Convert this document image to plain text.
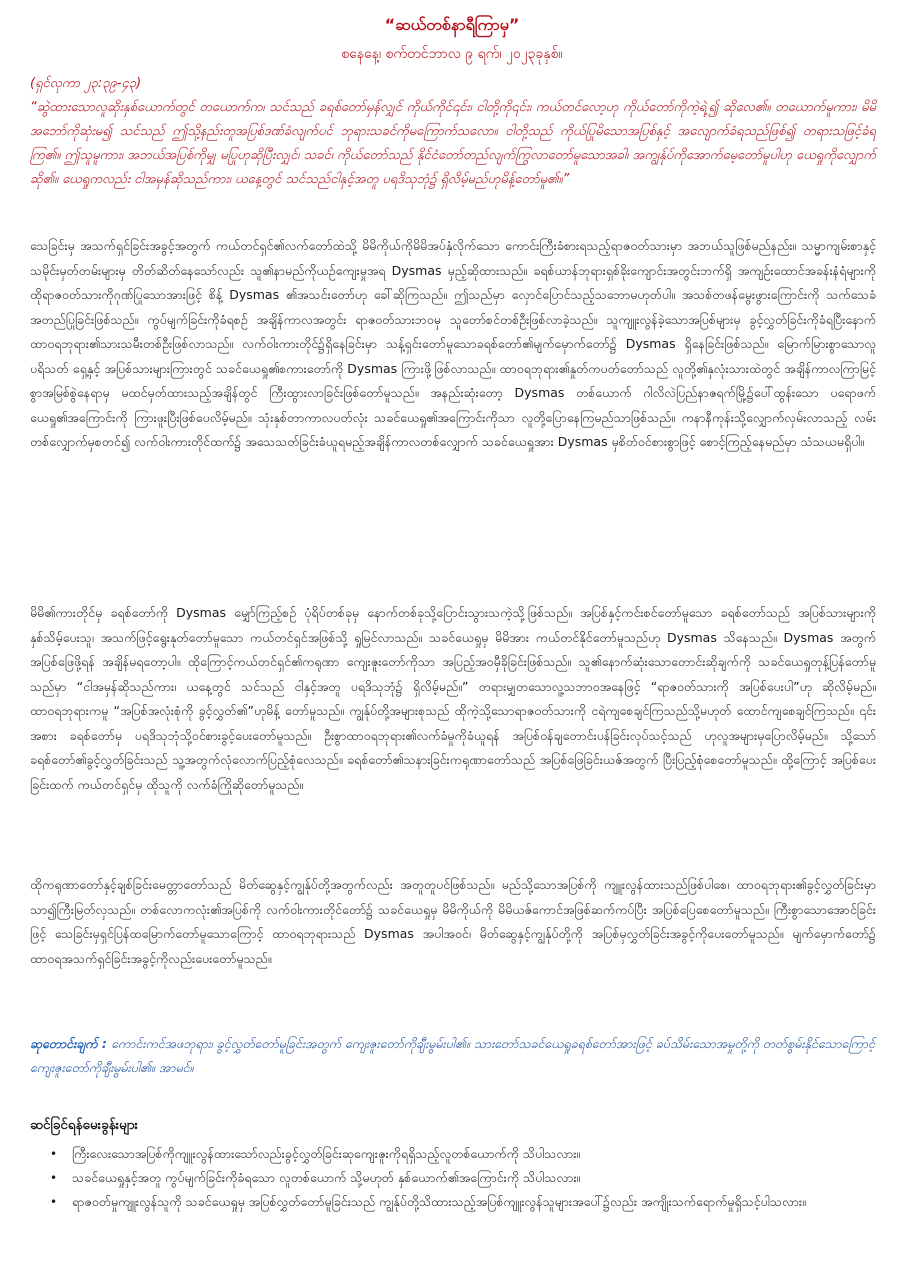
“ဆယ်တစ်နာရီကြာမှ”

စနေနေ့၊ စက်တင်ဘာလ ၉ ရက်၊ ၂၀၂၃ခုနှစ်။

(ရှင်လုကာ ၂၃:၃၉-၄၃)

“ဆွဲထားသောလူဆိုးနှစ်ယောက်တွင် တယောက်က၊ သင်သည် ခရစ်တော်မှန်လျှင် ကိုယ်ကိုင်၎င်း၊ ငါတို့ကို၎င်း၊ ကယ်တင်လော့ဟု ကိုယ်တော်ကိုကဲ့ရဲ့၍ ဆိုလေ၏။ တယောက်မူကား၊ မိမိအဘော်ကိုဆုံးမ၍ သင်သည် ဤသို့နည်းတူအပြစ်ဒဏ်ခံလျက်ပင် ဘုရားသခင်ကိုမကြောက်သလော။ ငါတို့သည် ကိုယ်ပြုမိသောအပြစ်နှင့် အလျောက်ခံရသည်ဖြစ်၍ တရားသဖြင့်ခံရကြ၏။ ဤသူမူကား၊ အဘယ်အပြစ်ကိုမျှ မပြုဟုဆိုပြီးလျှင်၊ သခင်၊ ကိုယ်တော်သည် နိုင်ငံတော်တည်လျက်ကြွလာတော်မူသောအခါ၊ အကျွန်ုပ်ကိုအောက်မေ့တော်မူပါဟု ယေရှုကိုလျှောက်ဆို၏။ ယေရှုကလည်း ငါအမှန်ဆိုသည်ကား၊ ယနေ့တွင် သင်သည်ငါနှင့်အတူ ပရဒိသုဘုံ၌ ရှိလိမ့်မည်ဟုမိန့်တော်မူ၏။”

သေခြင်းမှ အသက်ရှင်ခြင်းအခွင့်အတွက် ကယ်တင်ရှင်၏လက်တော်ထဲသို့ မိမိကိုယ်ကိုမိမိအပ်နှံလိုက်သော ကောင်းကြီးခံစားရသည့်ရာဇဝတ်သားမှာ အဘယ်သူဖြစ်မည်နည်း။ သမ္မာကျမ်းစာနှင့်သမိုင်းမှတ်တမ်းများမှ တိတ်ဆိတ်နေသော်လည်း သူ၏နာမည်ကိုယဉ်ကျေးမှုအရ Dysmas မှည့်ဆိုထားသည်။ ခရစ်ယာန်ဘုရားရှစ်ခိုးကျောင်းအတွင်းဘက်ရှိ အကျဉ်းထောင်အခန်းနံရံများကို ထိုရာဇဝတ်သားကိုဂုဏ်ပြုသောအားဖြင့် စိန့် Dysmas ၏အသင်းတော်ဟု ခေါ်ဆိုကြသည်။ ဤသည်မှာ လှောင်ပြောင်သည့်သဘောမဟုတ်ပါ။ အသစ်တဖန်မွေးဖွားကြောင်းကို သက်သေခံအတည်ပြုခြင်းဖြစ်သည်။ ကွပ်မျက်ခြင်းကိုခံရစဉ် အချိန်ကာလအတွင်း ရာဇဝတ်သားဘဝမှ သူတော်စင်တစ်ဦးဖြစ်လာခဲ့သည်။ သူကျူးလွန်ခဲ့သောအပြစ်များမှ ခွင့်လွှတ်ခြင်းကိုခံရပြီးနောက် ထာဝရဘုရား၏သားသမီးတစ်ဦးဖြစ်လာသည်။ လက်ဝါးကားတိုင်၌ရှိနေခြင်းမှာ သန့်ရှင်းတော်မူသောခရစ်တော်၏မျက်မှောက်တော်၌ Dysmas ရှိနေခြင်းဖြစ်သည်။ မြောက်မြားစွာသောလူပရိသတ် ရှေ့နှင့် အပြစ်သားများကြားတွင် သခင်ယေရှု၏စကားတော်ကို Dysmas ကြားဖို့ဖြစ်လာသည်။ ထာဝရဘုရား၏နှုတ်ကပတ်တော်သည် လူတို့၏နှလုံးသားထဲတွင် အချိန်ကာလကြာမြင့်စွာအမြစ်စွဲနေရာမှ မထင်မှတ်ထားသည့်အချိန်တွင် ကြီးထွားလာခြင်းဖြစ်တော်မူသည်။ အနည်းဆုံးတော့ Dysmas တစ်ယောက် ဂါလိလဲပြည်နာဇရက်မြို့၌ပေါ်ထွန်းသော ပရောဖက်ယေရှု၏အကြောင်းကို ကြားဖူးပြီးဖြစ်ပေလိမ့်မည်။ သုံးနှစ်တာကာလပတ်လုံး သခင်ယေရှု၏အကြောင်းကိုသာ လူတို့ပြောနေကြမည်သာဖြစ်သည်။ ကနာနီကုန်းသို့လျှောက်လှမ်းလာသည့် လမ်းတစ်လျှောက်မှစတင်၍ လက်ဝါးကားတိုင်ထက်၌ အသေသတ်ခြင်းခံယူရမည့်အချိန်ကာလတစ်လျှောက် သခင်ယေရှုအား Dysmas မှစိတ်ဝင်စားစွာဖြင့် စောင့်ကြည့်နေမည်မှာ သံသယမရှိပါ။

မိမိ၏ကားတိုင်မှ ခရစ်တော်ကို Dysmas မျှော်ကြည့်စဉ် ပုံရိပ်တစ်ခုမှ နောက်တစ်ခုသို့ပြောင်းသွားသကဲ့သို့ဖြစ်သည်။ အပြစ်နှင့်ကင်းစင်တော်မူသော ခရစ်တော်သည် အပြစ်သားများကို နှစ်သိမ့်ပေးသူ၊ အသက်ဖြင့်ရွေးနုတ်တော်မူသော ကယ်တင်ရှင်အဖြစ်သို့ ရှုမြင်လာသည်။ သခင်ယေရှုမှ မိမိအား ကယ်တင်နိုင်တော်မူသည်ဟု Dysmas သိနေသည်။ Dysmas အတွက်အပြစ်ဖြေဖို့ရန် အချိန်မရတော့ပါ။ ထိုကြောင့်ကယ်တင်ရှင်၏ကရုဏာ ကျေးဇူးတော်ကိုသာ အပြည့်အဝမှီခိုခြင်းဖြစ်သည်။ သူ၏နောက်ဆုံးသောတောင်းဆိုချက်ကို သခင်ယေရှုတုန့်ပြန်တော်မူသည်မှာ “ငါအမှန်ဆိုသည်ကား၊ ယနေ့တွင် သင်သည် ငါနှင့်အတူ ပရဒိသုဘုံ၌ ရှိလိမ့်မည်။” တရားမျှတသောလူ့သဘာဝအနေဖြင့် “ရာဇဝတ်သားကို အပြစ်ပေးပါ”ဟု ဆိုလိမ့်မည်။ ထာဝရဘုရားကမူ “အပြစ်အလုံးစုံကို ခွင့်လွှတ်၏”ဟုမိန့် တော်မူသည်။ ကျွန်ုပ်တို့အများစုသည် ထိုကဲ့သို့သောရာဇဝတ်သားကို ငရဲကျစေချင်ကြသည်သို့မဟုတ် ထောင်ကျစေချင်ကြသည်။ ၎င်းအစား ခရစ်တော်မှ ပရဒိသုဘုံသို့ဝင်စားခွင့်ပေးတော်မူသည်။ ဦးစွာထာဝရဘုရား၏လက်ခံမှုကိုခံယူရန် အပြစ်ဝန်ချတောင်းပန်ခြင်းလုပ်သင့်သည် ဟုလူအများမှပြောလိမ့်မည်။ သို့သော်ခရစ်တော်၏ခွင့်လွှတ်ခြင်းသည် သူ့အတွက်လုံလောက်ပြည့်စုံလေသည်။ ခရစ်တော်၏သနားခြင်းကရုဏာတော်သည် အပြစ်ဖြေခြင်းယဇ်အတွက် ပြီးပြည့်စုံစေတော်မူသည်။ ထို့ကြောင့် အပြစ်ပေးခြင်းထက် ကယ်တင်ရှင်မှ ထိုသူကို လက်ခံကြိုဆိုတော်မူသည်။

ထိုကရုဏာတော်နှင့်ချစ်ခြင်းမေတ္တာတော်သည် မိတ်ဆွေနှင့်ကျွန်ုပ်တို့အတွက်လည်း အတူတူပင်ဖြစ်သည်။ မည်သို့သောအပြစ်ကို ကျူးလွန်ထားသည်ဖြစ်ပါစေ၊ ထာဝရဘုရား၏ခွင့်လွှတ်ခြင်းမှာ သာ၍ကြီးမြတ်လှသည်။ တစ်လောကလုံး၏အပြစ်ကို လက်ဝါးကားတိုင်တော်၌ သခင်ယေရှုမှ မိမိကိုယ်ကို မိမိယဇ်ကောင်အဖြစ်ဆက်ကပ်ပြီး အပြစ်ပြေစေတော်မူသည်။ ကြီးစွာသောအောင်ခြင်းဖြင့် သေခြင်းမှရှင်ပြန်ထမြောက်တော်မူသောကြောင့် ထာဝရဘုရားသည် Dysmas အပါအဝင်၊ မိတ်ဆွေနှင့်ကျွန်ုပ်တို့ကို အပြစ်မှလွှတ်ခြင်းအခွင့်ကိုပေးတော်မူသည်။ မျက်မှောက်တော်၌ ထာဝရအသက်ရှင်ခြင်းအခွင့်ကိုလည်းပေးတော်မူသည်။

ဆုတောင်းချက် : ကောင်းကင်အဖဘုရား၊ ခွင့်လွှတ်တော်မူခြင်းအတွက် ကျေးဇူးတော်ကိုချီးမွမ်းပါ၏။ သားတော်သခင်ယေရှုခရစ်တော်အားဖြင့် ခပ်သိမ်းသောအမှုတို့ကို တတ်စွမ်းနိုင်သောကြောင့် ကျေးဇူးတော်ကိုချီးမွမ်းပါ၏။ အာမင်။

ဆင်ခြင်ရန်မေးခွန်းများ
• ကြီးလေးသောအပြစ်ကိုကျူးလွန်ထားသော်လည်းခွင့်လွှတ်ခြင်းဆုကျေးဇူးကိုရရှိသည့်လူတစ်ယောက်ကို သိပါသလား။
• သခင်ယေရှုနှင့်အတူ ကွပ်မျက်ခြင်းကိုခံရသော လူတစ်ယောက် သို့မဟုတ် နှစ်ယောက်၏အကြောင်းကို သိပါသလား။
• ရာဇဝတ်မှုကျူးလွန်သူကို သခင်ယေရှုမှ အပြစ်လွှတ်တော်မူခြင်းသည် ကျွန်ုပ်တို့သိထားသည့်အပြစ်ကျူးလွန်သူများအပေါ်၌လည်း အကျိုးသက်ရောက်မှုရှိသင့်ပါသလား။
